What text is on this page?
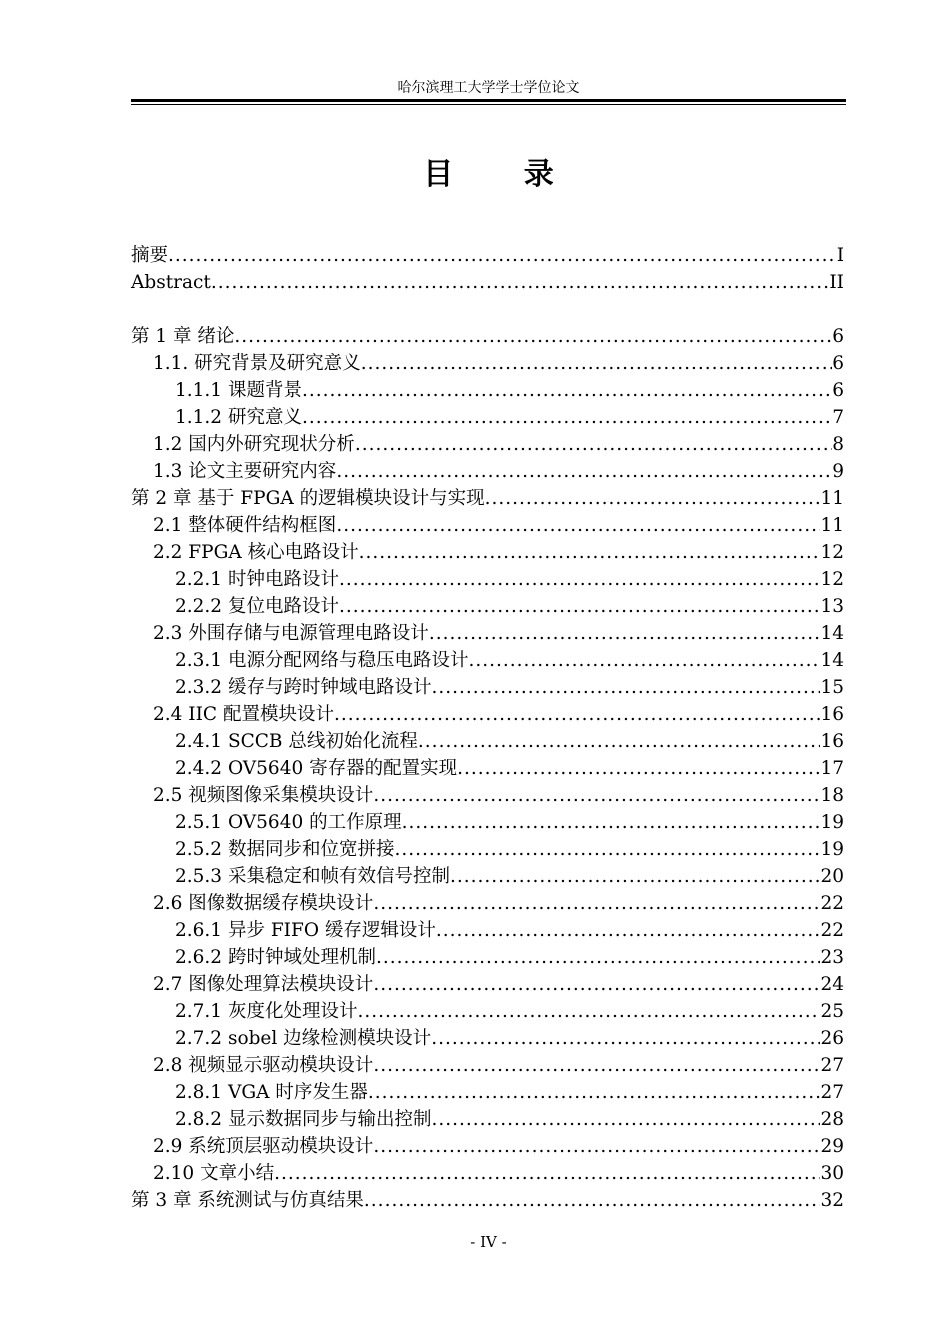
哈尔滨理工大学学士学位论文
目 录
摘要 .....	I
Abstract .....	II
第 1 章 绪论 .....	6
1.1. 研究背景及研究意义 .....	6
1.1.1 课题背景 .....	6
1.1.2 研究意义 .....	7
1.2 国内外研究现状分析 .....	8
1.3 论文主要研究内容 .....	9
第 2 章 基于 FPGA 的逻辑模块设计与实现 .....	11
2.1 整体硬件结构框图 .....	11
2.2 FPGA 核心电路设计 .....	12
2.2.1 时钟电路设计 .....	12
2.2.2 复位电路设计 .....	13
2.3 外围存储与电源管理电路设计 .....	14
2.3.1 电源分配网络与稳压电路设计 .....	14
2.3.2 缓存与跨时钟域电路设计 .....	15
2.4 IIC 配置模块设计 .....	16
2.4.1 SCCB 总线初始化流程 .....	16
2.4.2 OV5640 寄存器的配置实现 .....	17
2.5 视频图像采集模块设计 .....	18
2.5.1 OV5640 的工作原理 .....	19
2.5.2 数据同步和位宽拼接 .....	19
2.5.3 采集稳定和帧有效信号控制 .....	20
2.6 图像数据缓存模块设计 .....	22
2.6.1 异步 FIFO 缓存逻辑设计 .....	22
2.6.2 跨时钟域处理机制 .....	23
2.7 图像处理算法模块设计 .....	24
2.7.1 灰度化处理设计 .....	25
2.7.2 sobel 边缘检测模块设计 .....	26
2.8 视频显示驱动模块设计 .....	27
2.8.1 VGA 时序发生器 .....	27
2.8.2 显示数据同步与输出控制 .....	28
2.9 系统顶层驱动模块设计 .....	29
2.10 文章小结 .....	30
第 3 章 系统测试与仿真结果 .....	32
- IV -
